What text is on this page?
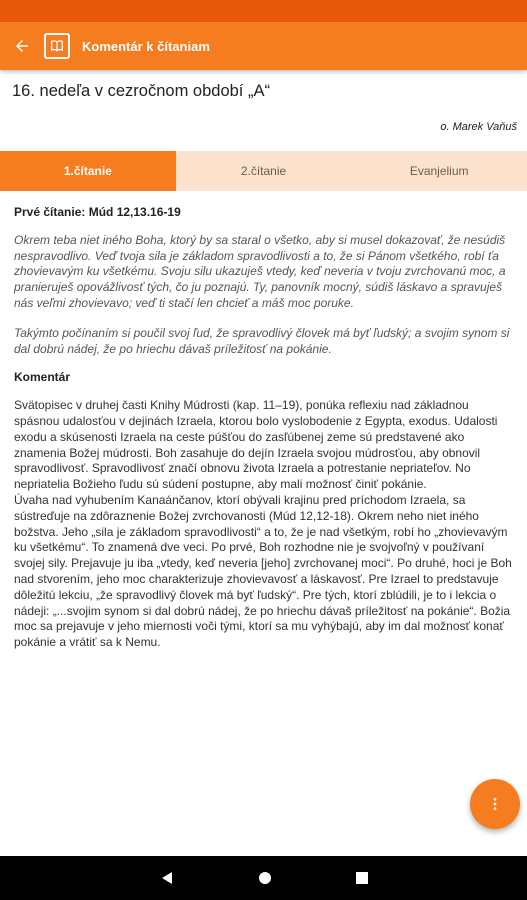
Komentár k čítaniam
16. nedeľa v cezročnom období „A“
o. Marek Vaňuš
1.čítanie	2.čítanie	Evanjelium
Prvé čítanie: Múd 12,13.16-19
Okrem teba niet iného Boha, ktorý by sa staral o všetko, aby si musel dokazovať, že nesúdiš nespravodlivo. Veď tvoja sila je základom spravodlivosti a to, že si Pánom všetkého, robí ťa zhovievavým ku všetkému. Svoju silu ukazuješ vtedy, keď neveria v tvoju zvrchovanú moc, a pranieruješ opovážlivosť tých, čo ju poznajú. Ty, panovník mocný, súdiš láskavo a spravuješ nás veľmi zhovievavo; veď ti stačí len chcieť a máš moc poruke.
Takýmto počínaním si poučil svoj ľud, že spravodlivý človek má byť ľudský; a svojim synom si dal dobrú nádej, že po hriechu dávaš príležitosť na pokánie.
Komentár
Svätopisec v druhej časti Knihy Múdrosti (kap. 11–19), ponúka reflexiu nad základnou spásnou udalosťou v dejinách Izraela, ktorou bolo vyslobodenie z Egypta, exodus. Udalosti exodu a skúsenosti Izraela na ceste púšťou do zasľúbenej zeme sú predstavené ako znamenia Božej múdrosti. Boh zasahuje do dejín Izraela svojou múdrosťou, aby obnovil spravodlivosť. Spravodlivosť značí obnovu života Izraela a potrestanie nepriateľov. No nepriatelia Božieho ľudu sú súdení postupne, aby mali možnosť činiť pokánie.
Úvaha nad vyhubením Kanaánčanov, ktorí obývali krajinu pred príchodom Izraela, sa sústreďuje na zdôraznenie Božej zvrchovanosti (Múd 12,12-18). Okrem neho niet iného božstva. Jeho „sila je základom spravodlivosti“ a to, že je nad všetkým, robí ho „zhovievavým ku všetkému“. To znamená dve veci. Po prvé, Boh rozhodne nie je svojvoľný v používaní svojej sily. Prejavuje ju iba „vtedy, keď neveria [jeho] zvrchovanej moci“. Po druhé, hoci je Boh nad stvorením, jeho moc charakterizuje zhovievavosť a láskavosť. Pre Izrael to predstavuje dôležitú lekciu, „že spravodlivý človek má byť ľudský“. Pre tých, ktorí zblúdili, je to i lekcia o nádeji: „...svojim synom si dal dobrú nádej, že po hriechu dávaš príležitosť na pokánie“. Božia moc sa prejavuje v jeho miernosti voči tými, ktorí sa mu vyhýbajú, aby im dal možnosť konať pokánie a vrátiť sa k Nemu.
